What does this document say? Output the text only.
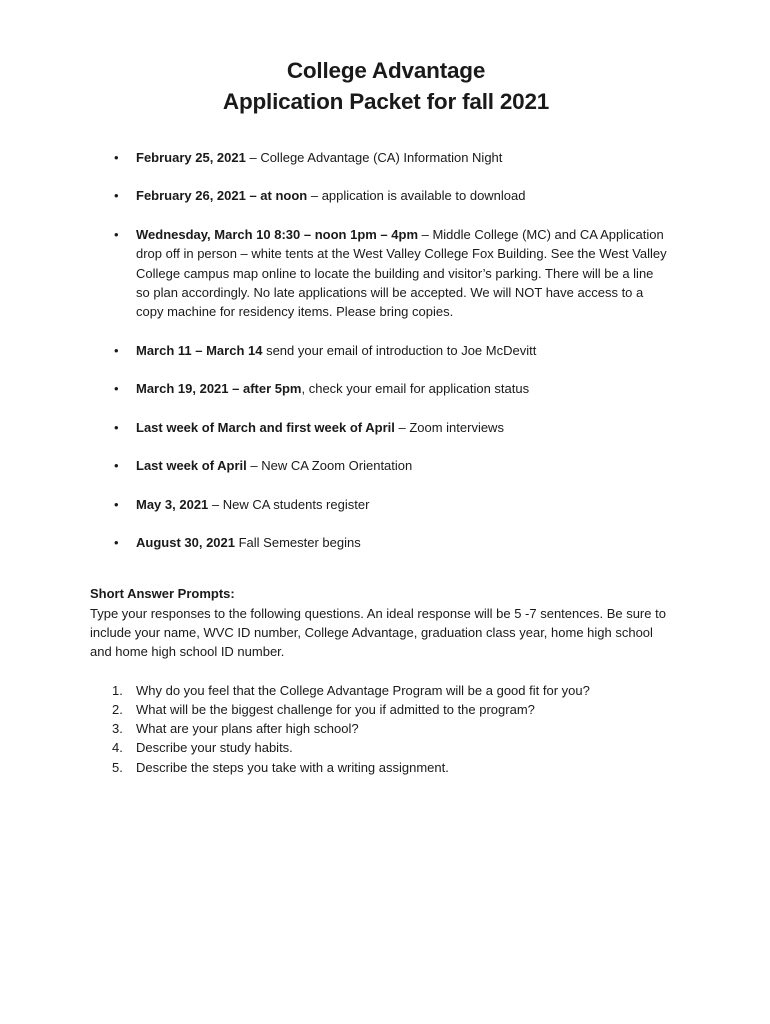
College Advantage
Application Packet for fall 2021
• February 25, 2021 – College Advantage (CA) Information Night
• February 26, 2021 – at noon – application is available to download
• Wednesday, March 10 8:30 – noon 1pm – 4pm – Middle College (MC) and CA Application drop off in person – white tents at the West Valley College Fox Building. See the West Valley College campus map online to locate the building and visitor’s parking. There will be a line so plan accordingly. No late applications will be accepted. We will NOT have access to a copy machine for residency items. Please bring copies.
• March 11 – March 14 send your email of introduction to Joe McDevitt
• March 19, 2021 – after 5pm, check your email for application status
• Last week of March and first week of April – Zoom interviews
• Last week of April – New CA Zoom Orientation
• May 3, 2021 – New CA students register
• August 30, 2021 Fall Semester begins
Short Answer Prompts:

Type your responses to the following questions. An ideal response will be 5 -7 sentences. Be sure to include your name, WVC ID number, College Advantage, graduation class year, home high school and home high school ID number.

1. Why do you feel that the College Advantage Program will be a good fit for you?
2. What will be the biggest challenge for you if admitted to the program?
3. What are your plans after high school?
4. Describe your study habits.
5. Describe the steps you take with a writing assignment.
